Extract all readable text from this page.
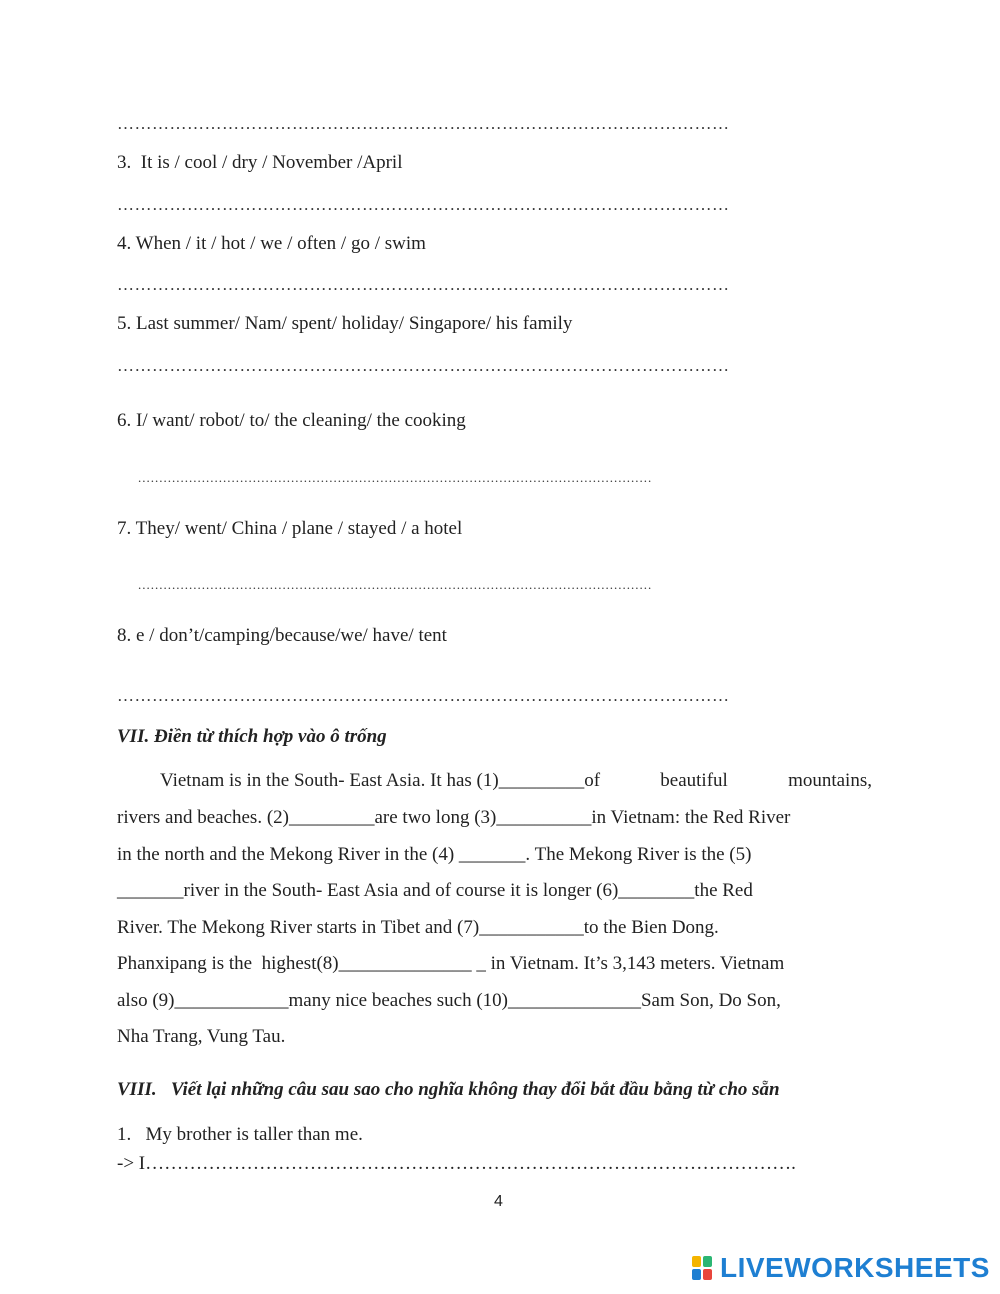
……………………………………………………………………………………………
3.  It is / cool / dry / November /April
……………………………………………………………………………………………
4. When / it / hot / we / often / go / swim
……………………………………………………………………………………………
5. Last summer/ Nam/ spent/ holiday/ Singapore/ his family
……………………………………………………………………………………………
6. I/ want/ robot/ to/ the cleaning/ the cooking
.........................................................................................................................
7. They/ went/ China / plane / stayed / a hotel
.........................................................................................................................
8. e / don’t/camping/because/we/ have/ tent
……………………………………………………………………………………………
VII. Điền từ thích hợp vào ô trống
Vietnam is in the South- East Asia. It has (1)_________of	beautiful	mountains,
rivers and beaches. (2)_________are two long (3)__________in Vietnam: the Red River
in the north and the Mekong River in the (4) _______. The Mekong River is the (5)
_______river in the South- East Asia and of course it is longer (6)________the Red
River. The Mekong River starts in Tibet and (7)___________to the Bien Dong.
Phanxipang is the  highest(8)______________ _ in Vietnam. It’s 3,143 meters. Vietnam
also (9)____________many nice beaches such (10)______________Sam Son, Do Son,
Nha Trang, Vung Tau.
VIII.   Viết lại những câu sau sao cho nghĩa không thay đổi bắt đầu bằng từ cho sẵn
1.   My brother is taller than me.
-> I………………………………………………………………………………………….
4
LIVEWORKSHEETS
